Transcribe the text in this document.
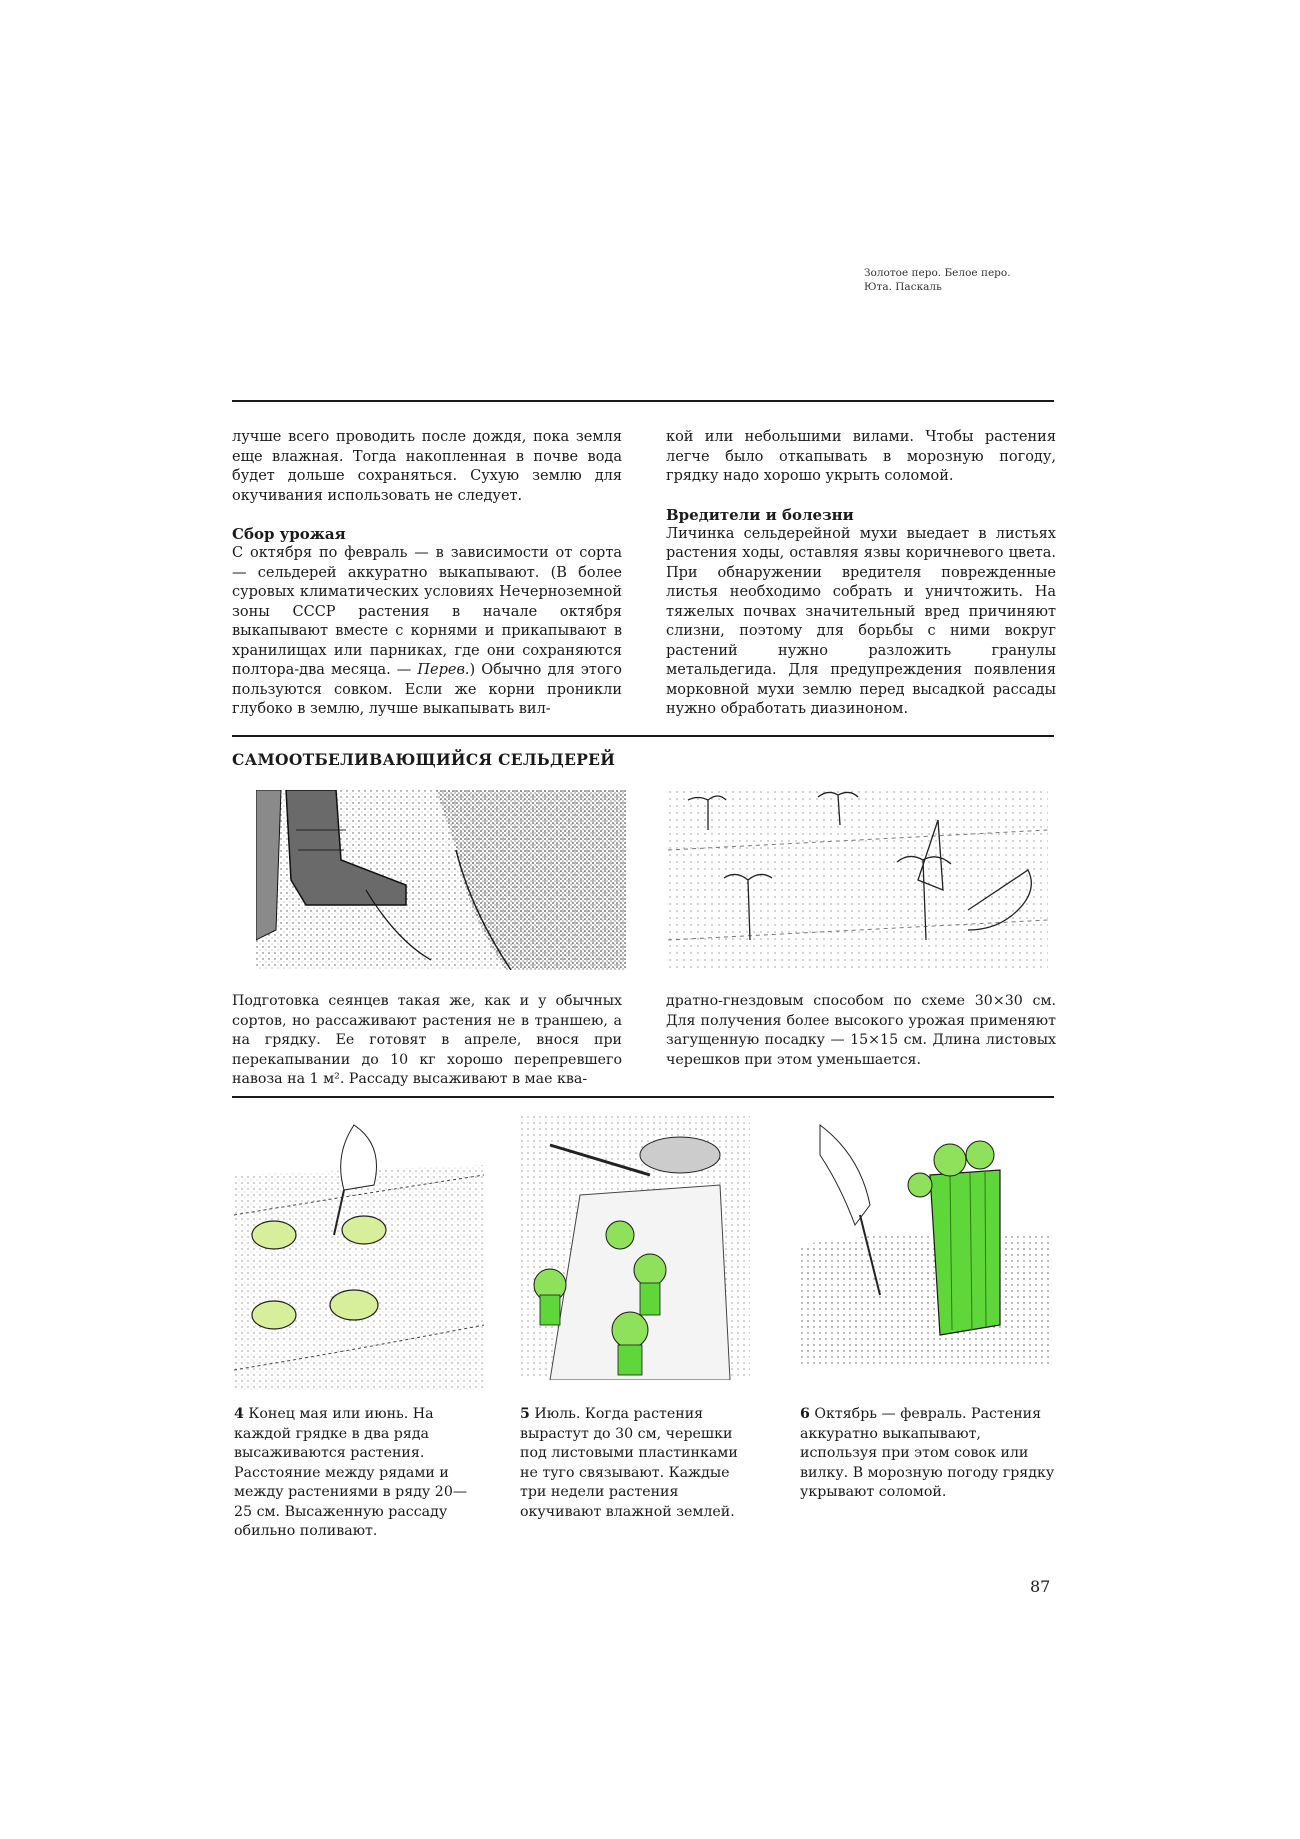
Золотое перо. Белое перо.
Юта. Паскаль

лучше всего проводить после дождя, пока земля еще влажная. Тогда накопленная в почве вода будет дольше сохраняться. Сухую землю для окучивания использовать не следует.

Сбор урожая

С октября по февраль — в зависимости от сорта — сельдерей аккуратно выкапывают. (В более суровых климатических условиях Нечерноземной зоны СССР растения в начале октября выкапывают вместе с корнями и прикапывают в хранилищах или парниках, где они сохраняются полтора-два месяца. — Перев.) Обычно для этого пользуются совком. Если же корни проникли глубоко в землю, лучше выкапывать вил-

кой или небольшими вилами. Чтобы растения легче было откапывать в морозную погоду, грядку надо хорошо укрыть соломой.

Вредители и болезни

Личинка сельдерейной мухи выедает в листьях растения ходы, оставляя язвы коричневого цвета. При обнаружении вредителя поврежденные листья необходимо собрать и уничтожить. На тяжелых почвах значительный вред причиняют слизни, поэтому для борьбы с ними вокруг растений нужно разложить гранулы метальдегида. Для предупреждения появления морковной мухи землю перед высадкой рассады нужно обработать диазиноном.

САМООТБЕЛИВАЮЩИЙСЯ СЕЛЬДЕРЕЙ

Подготовка сеянцев такая же, как и у обычных сортов, но рассаживают растения не в траншею, а на грядку. Ее готовят в апреле, внося при перекапывании до 10 кг хорошо перепревшего навоза на 1 м². Рассаду высаживают в мае ква-

дратно-гнездовым способом по схеме 30×30 см. Для получения более высокого урожая применяют загущенную посадку — 15×15 см. Длина листовых черешков при этом уменьшается.

4 Конец мая или июнь. На каждой грядке в два ряда высаживаются растения. Расстояние между рядами и между растениями в ряду 20—25 см. Высаженную рассаду обильно поливают.

5 Июль. Когда растения вырастут до 30 см, черешки под листовыми пластинками не туго связывают. Каждые три недели растения окучивают влажной землей.

6 Октябрь — февраль. Растения аккуратно выкапывают, используя при этом совок или вилку. В морозную погоду грядку укрывают соломой.

87
